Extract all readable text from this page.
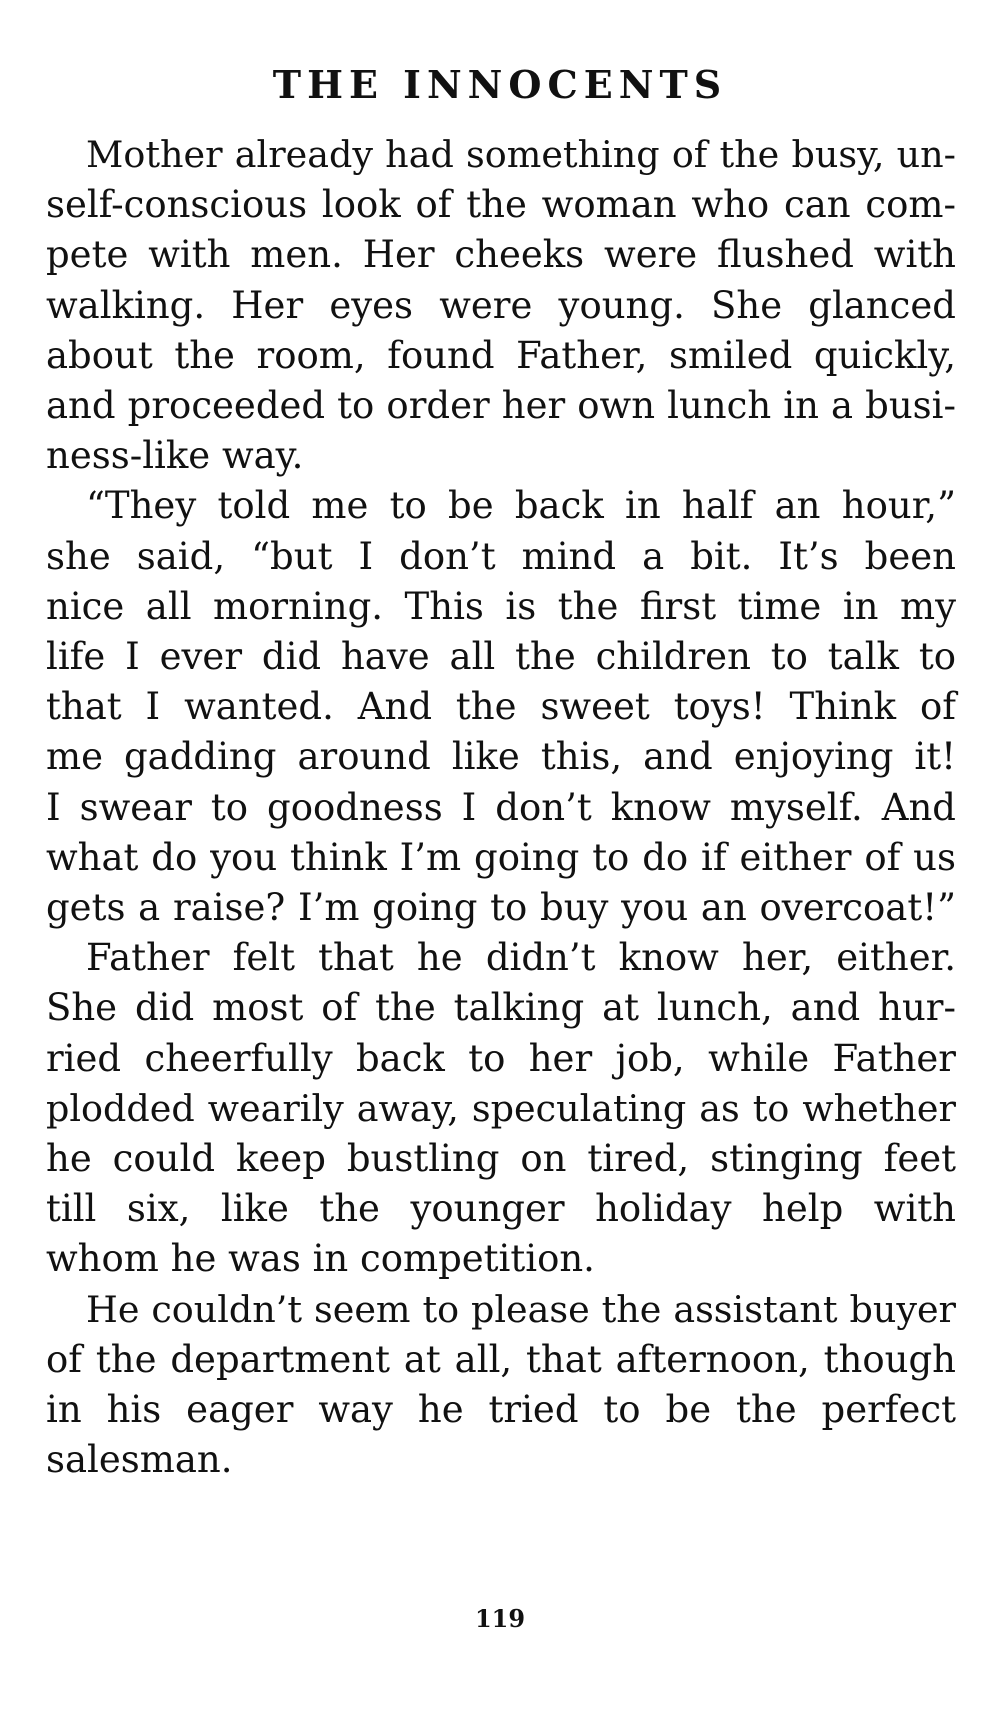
THE INNOCENTS
Mother already had something of the busy, un-
self-conscious look of the woman who can com-
pete with men. Her cheeks were flushed with
walking. Her eyes were young. She glanced
about the room, found Father, smiled quickly,
and proceeded to order her own lunch in a busi-
ness-like way.
“They told me to be back in half an hour,”
she said, “but I don’t mind a bit. It’s been
nice all morning. This is the first time in my
life I ever did have all the children to talk to
that I wanted. And the sweet toys! Think of
me gadding around like this, and enjoying it!
I swear to goodness I don’t know myself. And
what do you think I’m going to do if either of us
gets a raise? I’m going to buy you an overcoat!”
Father felt that he didn’t know her, either.
She did most of the talking at lunch, and hur-
ried cheerfully back to her job, while Father
plodded wearily away, speculating as to whether
he could keep bustling on tired, stinging feet
till six, like the younger holiday help with
whom he was in competition.
He couldn’t seem to please the assistant buyer
of the department at all, that afternoon, though
in his eager way he tried to be the perfect
salesman.
119
